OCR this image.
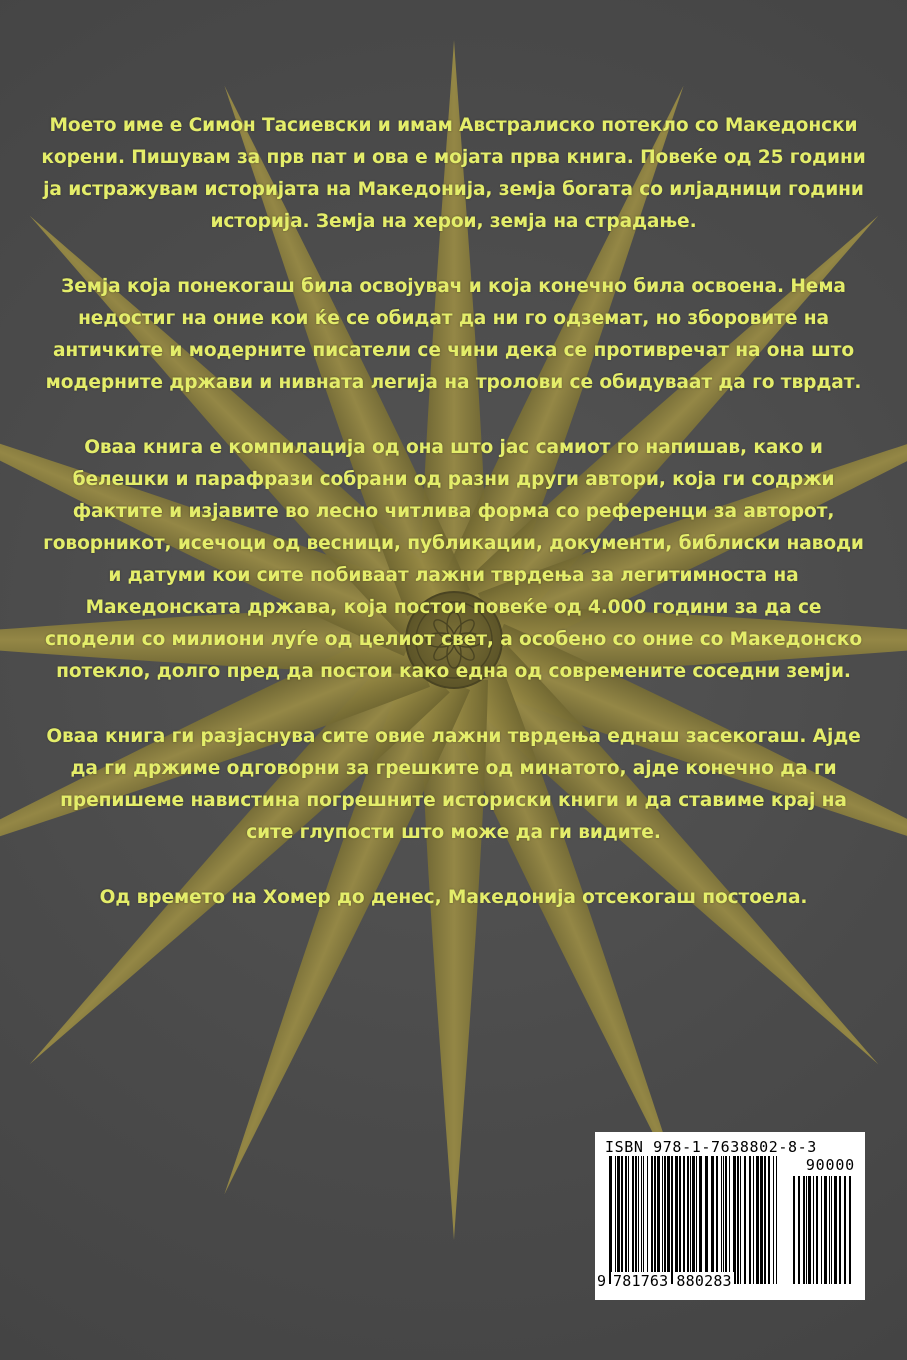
Моето име е Симон Тасиевски и имам Австралиско потекло со Македонски корени. Пишувам за прв пат и ова е мојата прва книга. Повеќе од 25 години ја истражувам историјата на Македонија, земја богата со илјадници години историја. Земја на херои, земја на страдање.

Земја која понекогаш била освојувач и која конечно била освоена. Нема недостиг на оние кои ќе се обидат да ни го одземат, но зборовите на античките и модерните писатели се чини дека се противречат на она што модерните држави и нивната легија на тролови се обидуваат да го тврдат.

Оваа книга е компилација од она што јас самиот го напишав, како и белешки и парафрази собрани од разни други автори, која ги содржи фактите и изјавите во лесно читлива форма со референци за авторот, говорникот, исечоци од весници, публикации, документи, библиски наводи и датуми кои сите побиваат лажни тврдења за легитимноста на Македонската држава, која постои повеќе од 4.000 години за да се сподели со милиони луѓе од целиот свет, а особено со оние со Македонско потекло, долго пред да постои како една од современите соседни земји.

Оваа книга ги разјаснува сите овие лажни тврдења еднаш засекогаш. Ајде да ги држиме одговорни за грешките од минатото, ајде конечно да ги препишеме навистина погрешните историски книги и да ставиме крај на сите глупости што може да ги видите.

Од времето на Хомер до денес, Македонија отсекогаш постоела.

ISBN 978-1-7638802-8-3
90000
9 781763 880283
